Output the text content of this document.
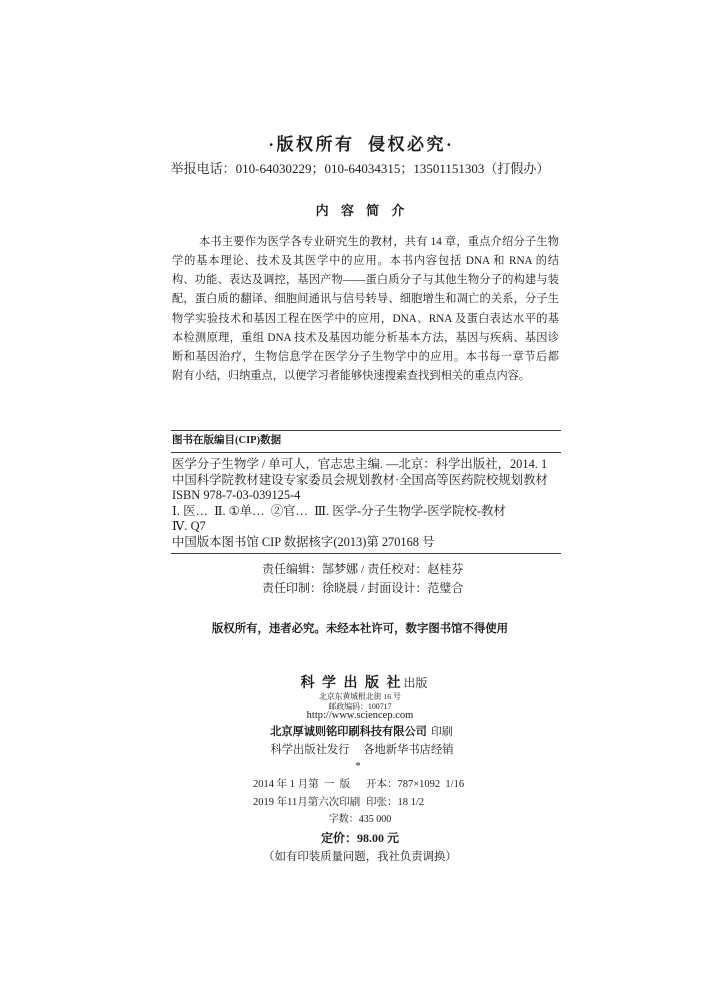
·版权所有  侵权必究·
举报电话：010-64030229；010-64034315；13501151303（打假办）
内 容 简 介
本书主要作为医学各专业研究生的教材，共有 14 章，重点介绍分子生物
学的基本理论、技术及其医学中的应用。本书内容包括 DNA 和 RNA 的结
构、功能、表达及调控，基因产物——蛋白质分子与其他生物分子的构建与装
配，蛋白质的翻译、细胞间通讯与信号转导、细胞增生和凋亡的关系，分子生
物学实验技术和基因工程在医学中的应用，DNA、RNA 及蛋白表达水平的基
本检测原理，重组 DNA 技术及基因功能分析基本方法，基因与疾病、基因诊
断和基因治疗，生物信息学在医学分子生物学中的应用。本书每一章节后都
附有小结，归纳重点，以便学习者能够快速搜索查找到相关的重点内容。
图书在版编目(CIP)数据
医学分子生物学 / 单可人，官志忠主编. —北京：科学出版社，2014. 1
中国科学院教材建设专家委员会规划教材·全国高等医药院校规划教材
ISBN 978-7-03-039125-4
Ⅰ. 医…  Ⅱ. ①单…  ②官…  Ⅲ. 医学-分子生物学-医学院校-教材
Ⅳ. Q7
中国版本图书馆 CIP 数据核字(2013)第 270168 号
责任编辑：郜梦娜 / 责任校对：赵桂芬
责任印制：徐晓晨 / 封面设计：范璧合
版权所有，违者必究。未经本社许可，数字图书馆不得使用
科 学 出 版 社出版
北京东黄城根北街 16 号
邮政编码：100717
http://www.sciencep.com
北京厚诚则铭印刷科技有限公司 印刷
科学出版社发行  各地新华书店经销
*
2014 年 1 月第  一  版 开本：787×1092  1/16
2019 年11月第六次印刷 印张：18 1/2
字数：435 000
定价：98.00 元
（如有印装质量问题，我社负责调换）
